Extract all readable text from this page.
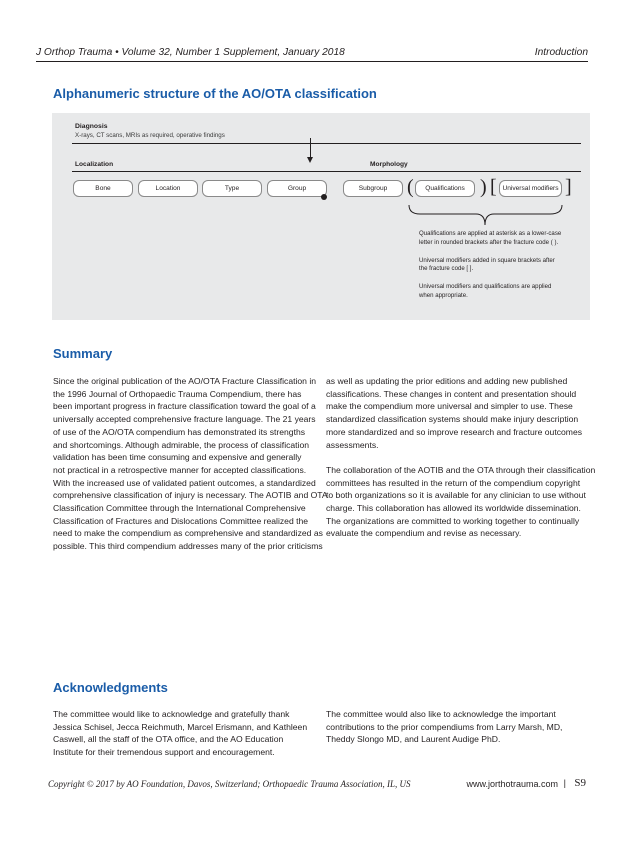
J Orthop Trauma • Volume 32, Number 1 Supplement, January 2018	Introduction
Alphanumeric structure of the AO/OTA classification
Diagnosis
X-rays, CT scans, MRIs as required, operative findings
Localization	Morphology
Bone	Location	Type	Group	Subgroup (	Qualifications ) [ Universal modifiers ]

Qualifications are applied at asterisk as a lower-case
letter in rounded brackets after the fracture code ( ).

Universal modifiers added in square brackets after
the fracture code [ ].

Universal modifiers and qualifications are applied
when appropriate.

Summary
Since the original publication of the AO/OTA Fracture Classification in
the 1996 Journal of Orthopaedic Trauma Compendium, there has
been important progress in fracture classification toward the goal of a
universally accepted comprehensive fracture language. The 21 years
of use of the AO/OTA compendium has demonstrated its strengths
and shortcomings. Although admirable, the process of classification
validation has been time consuming and expensive and generally
not practical in a retrospective manner for accepted classifications.
With the increased use of validated patient outcomes, a standardized
comprehensive classification of injury is necessary. The AOTIB and OTA
Classification Committee through the International Comprehensive
Classification of Fractures and Dislocations Committee realized the
need to make the compendium as comprehensive and standardized as
possible. This third compendium addresses many of the prior criticisms
as well as updating the prior editions and adding new published
classifications. These changes in content and presentation should
make the compendium more universal and simpler to use. These
standardized classification systems should make injury description
more standardized and so improve research and fracture outcomes
assessments.
The collaboration of the AOTIB and the OTA through their classification
committees has resulted in the return of the compendium copyright
to both organizations so it is available for any clinician to use without
charge. This collaboration has allowed its worldwide dissemination.
The organizations are committed to working together to continually
evaluate the compendium and revise as necessary.
Acknowledgments
The committee would like to acknowledge and gratefully thank
Jessica Schisel, Jecca Reichmuth, Marcel Erismann, and Kathleen
Caswell, all the staff of the OTA office, and the AO Education
Institute for their tremendous support and encouragement.
The committee would also like to acknowledge the important
contributions to the prior compendiums from Larry Marsh, MD,
Theddy Slongo MD, and Laurent Audige PhD.
Copyright © 2017 by AO Foundation, Davos, Switzerland; Orthopaedic Trauma Association, IL, US	www.jorthotrauma.com | S9
